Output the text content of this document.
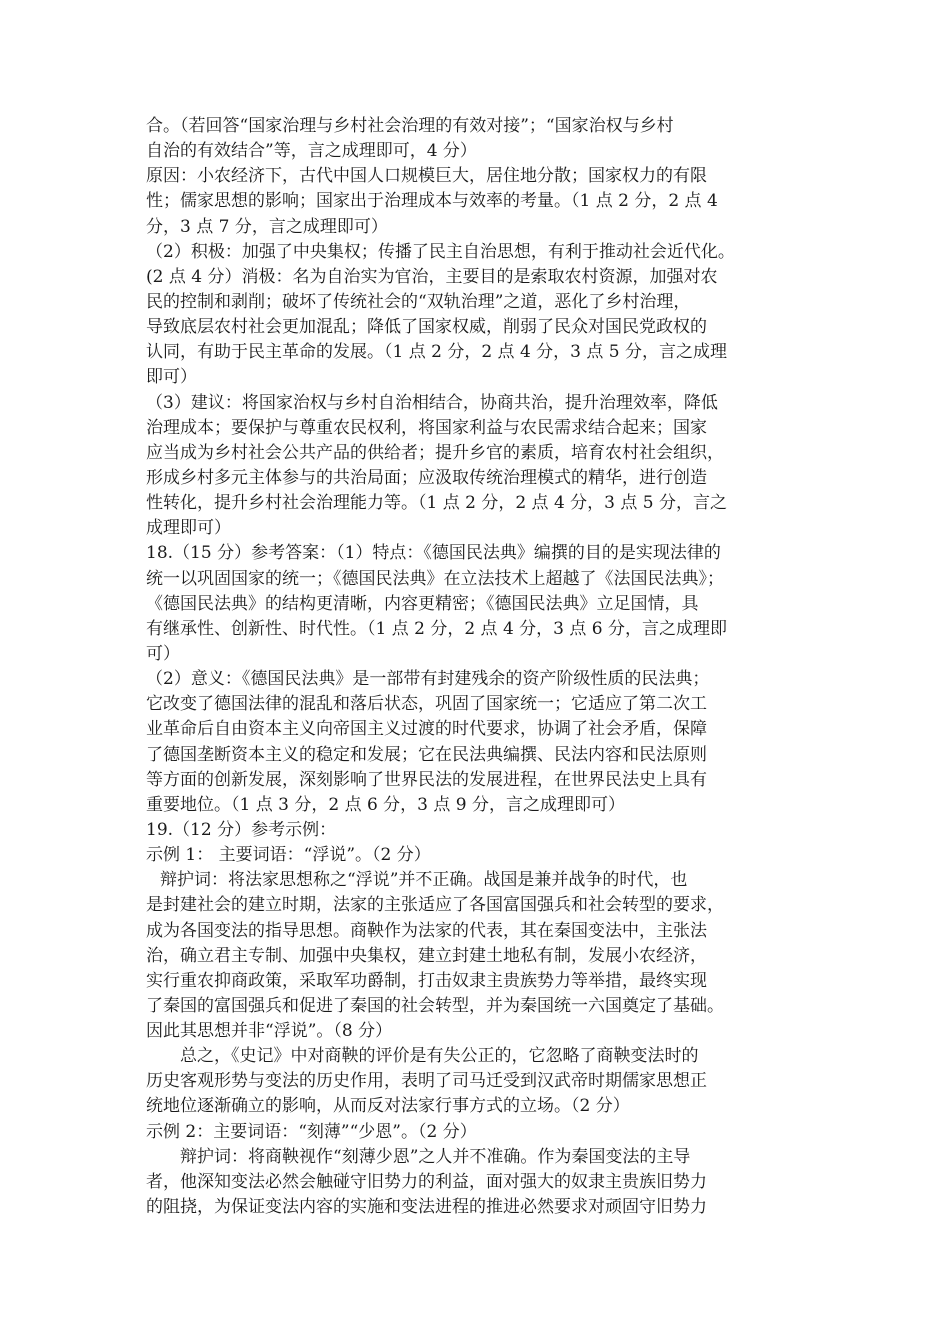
合。（若回答“国家治理与乡村社会治理的有效对接”；“国家治权与乡村
自治的有效结合”等，言之成理即可，4 分）
原因：小农经济下，古代中国人口规模巨大，居住地分散；国家权力的有限
性；儒家思想的影响；国家出于治理成本与效率的考量。（1 点 2 分，2 点 4
分，3 点 7 分，言之成理即可）
（2）积极：加强了中央集权；传播了民主自治思想，有利于推动社会近代化。
(2 点 4 分）消极：名为自治实为官治，主要目的是索取农村资源，加强对农
民的控制和剥削；破坏了传统社会的“双轨治理”之道，恶化了乡村治理，
导致底层农村社会更加混乱；降低了国家权威，削弱了民众对国民党政权的
认同，有助于民主革命的发展。（1 点 2 分，2 点 4 分，3 点 5 分，言之成理
即可）
（3）建议：将国家治权与乡村自治相结合，协商共治，提升治理效率，降低
治理成本；要保护与尊重农民权利，将国家利益与农民需求结合起来；国家
应当成为乡村社会公共产品的供给者；提升乡官的素质，培育农村社会组织，
形成乡村多元主体参与的共治局面；应汲取传统治理模式的精华，进行创造
性转化，提升乡村社会治理能力等。（1 点 2 分，2 点 4 分，3 点 5 分，言之
成理即可）
18.（15 分）参考答案：（1）特点：《德国民法典》编撰的目的是实现法律的
统一以巩固国家的统一；《德国民法典》在立法技术上超越了《法国民法典》；
《德国民法典》的结构更清晰，内容更精密；《德国民法典》立足国情，具
有继承性、创新性、时代性。（1 点 2 分，2 点 4 分，3 点 6 分，言之成理即
可）
（2）意义：《德国民法典》是一部带有封建残余的资产阶级性质的民法典；
它改变了德国法律的混乱和落后状态，巩固了国家统一；它适应了第二次工
业革命后自由资本主义向帝国主义过渡的时代要求，协调了社会矛盾，保障
了德国垄断资本主义的稳定和发展；它在民法典编撰、民法内容和民法原则
等方面的创新发展，深刻影响了世界民法的发展进程，在世界民法史上具有
重要地位。（1 点 3 分，2 点 6 分，3 点 9 分，言之成理即可）
19.（12 分）参考示例：
示例 1： 主要词语：“浮说”。（2 分）
辩护词：将法家思想称之“浮说”并不正确。战国是兼并战争的时代，也
是封建社会的建立时期，法家的主张适应了各国富国强兵和社会转型的要求，
成为各国变法的指导思想。商鞅作为法家的代表，其在秦国变法中，主张法
治，确立君主专制、加强中央集权，建立封建土地私有制，发展小农经济，
实行重农抑商政策，采取军功爵制，打击奴隶主贵族势力等举措，最终实现
了秦国的富国强兵和促进了秦国的社会转型，并为秦国统一六国奠定了基础。
因此其思想并非“浮说”。（8 分）
总之，《史记》中对商鞅的评价是有失公正的，它忽略了商鞅变法时的
历史客观形势与变法的历史作用，表明了司马迁受到汉武帝时期儒家思想正
统地位逐渐确立的影响，从而反对法家行事方式的立场。（2 分）
示例 2：主要词语：“刻薄”“少恩”。（2 分）
辩护词：将商鞅视作“刻薄少恩”之人并不准确。作为秦国变法的主导
者，他深知变法必然会触碰守旧势力的利益，面对强大的奴隶主贵族旧势力
的阻挠，为保证变法内容的实施和变法进程的推进必然要求对顽固守旧势力
